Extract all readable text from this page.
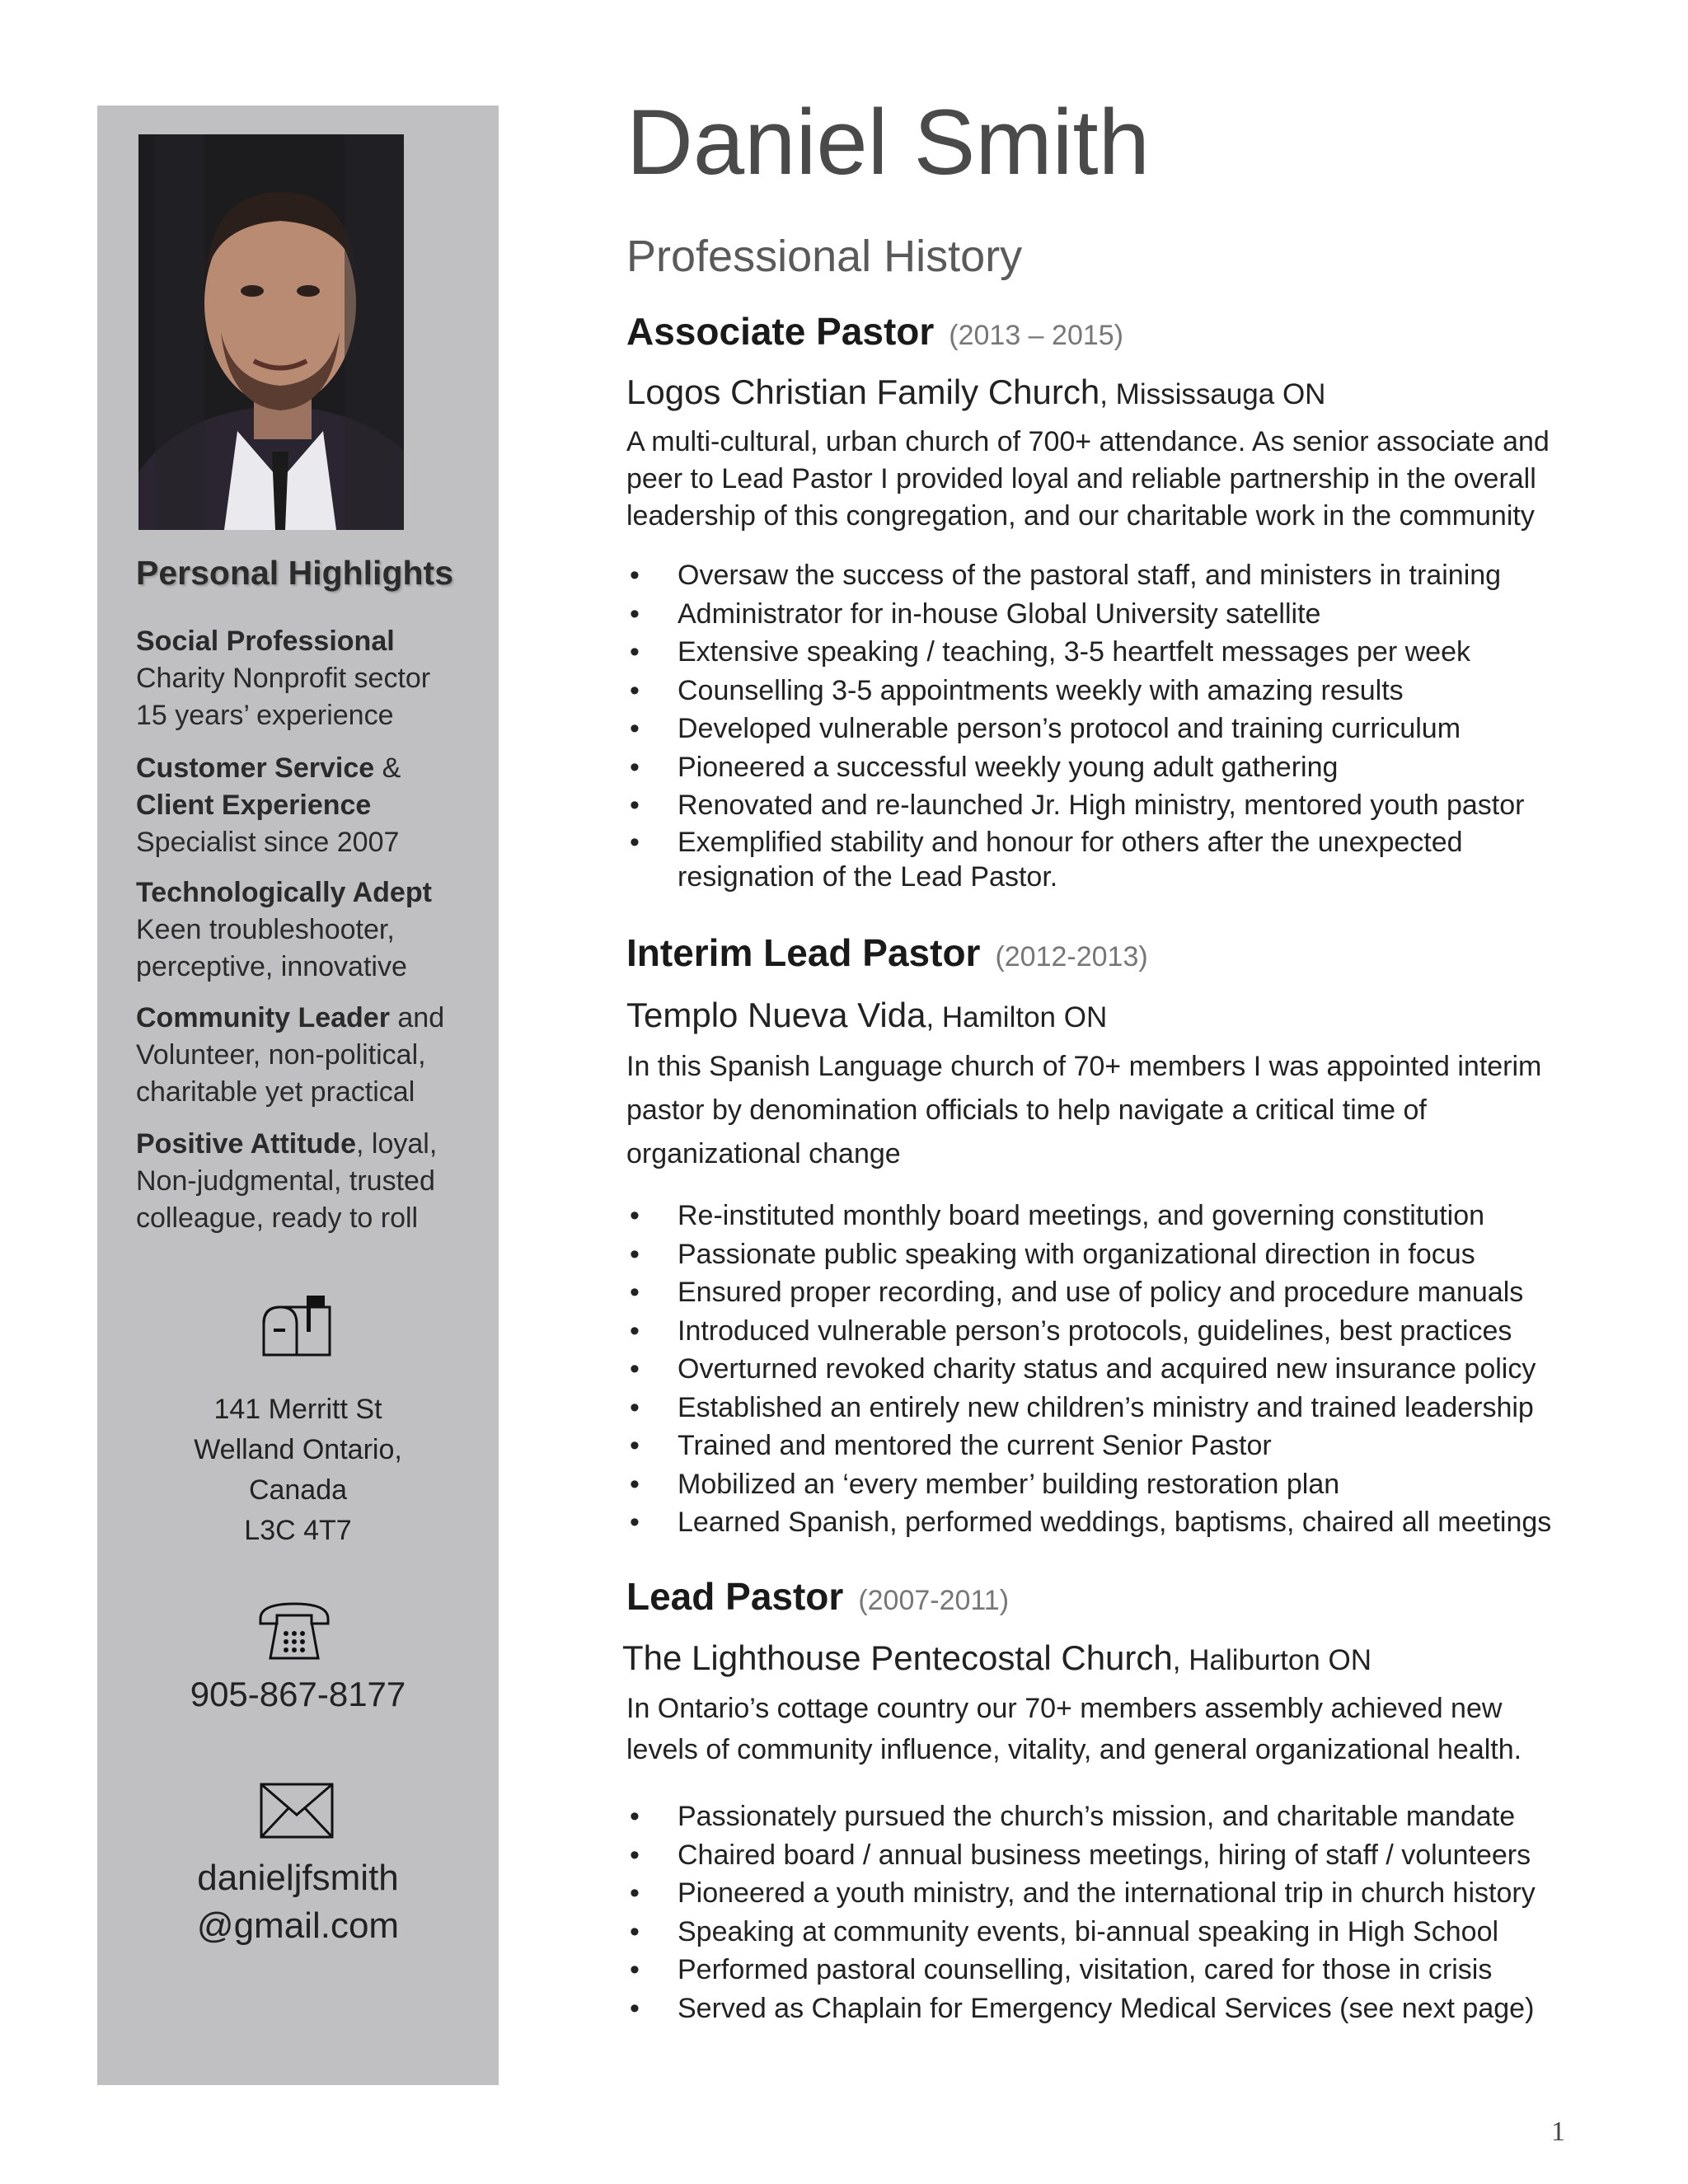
Personal Highlights
Social Professional
Charity Nonprofit sector
15 years’ experience
Customer Service &
Client Experience
Specialist since 2007
Technologically Adept
Keen troubleshooter,
perceptive, innovative
Community Leader and
Volunteer, non-political,
charitable yet practical
Positive Attitude, loyal,
Non-judgmental, trusted
colleague, ready to roll
141 Merritt St
Welland Ontario,
Canada
L3C 4T7
905-867-8177
danieljfsmith
@gmail.com
Daniel Smith
Professional History
Associate Pastor (2013 – 2015)
Logos Christian Family Church, Mississauga ON
A multi-cultural, urban church of 700+ attendance. As senior associate and
peer to Lead Pastor I provided loyal and reliable partnership in the overall
leadership of this congregation, and our charitable work in the community
• Oversaw the success of the pastoral staff, and ministers in training
• Administrator for in-house Global University satellite
• Extensive speaking / teaching, 3-5 heartfelt messages per week
• Counselling 3-5 appointments weekly with amazing results
• Developed vulnerable person’s protocol and training curriculum
• Pioneered a successful weekly young adult gathering
• Renovated and re-launched Jr. High ministry, mentored youth pastor
• Exemplified stability and honour for others after the unexpected resignation of the Lead Pastor.
Interim Lead Pastor (2012-2013)
Templo Nueva Vida, Hamilton ON
In this Spanish Language church of 70+ members I was appointed interim
pastor by denomination officials to help navigate a critical time of
organizational change
• Re-instituted monthly board meetings, and governing constitution
• Passionate public speaking with organizational direction in focus
• Ensured proper recording, and use of policy and procedure manuals
• Introduced vulnerable person’s protocols, guidelines, best practices
• Overturned revoked charity status and acquired new insurance policy
• Established an entirely new children’s ministry and trained leadership
• Trained and mentored the current Senior Pastor
• Mobilized an ‘every member’ building restoration plan
• Learned Spanish, performed weddings, baptisms, chaired all meetings
Lead Pastor (2007-2011)
The Lighthouse Pentecostal Church, Haliburton ON
In Ontario’s cottage country our 70+ members assembly achieved new
levels of community influence, vitality, and general organizational health.
• Passionately pursued the church’s mission, and charitable mandate
• Chaired board / annual business meetings, hiring of staff / volunteers
• Pioneered a youth ministry, and the international trip in church history
• Speaking at community events, bi-annual speaking in High School
• Performed pastoral counselling, visitation, cared for those in crisis
• Served as Chaplain for Emergency Medical Services (see next page)
1
